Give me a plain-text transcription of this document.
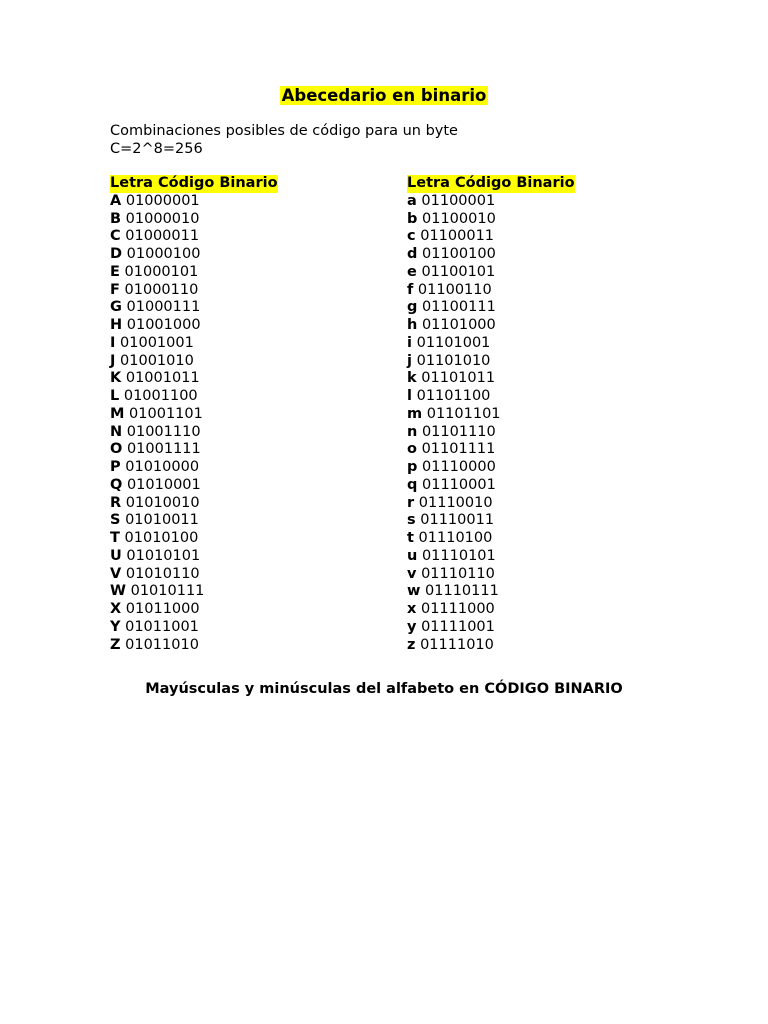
Abecedario en binario
Combinaciones posibles de código para un byte
C=2^8=256
Letra Código Binario
A 01000001
B 01000010
C 01000011
D 01000100
E 01000101
F 01000110
G 01000111
H 01001000
I 01001001
J 01001010
K 01001011
L 01001100
M 01001101
N 01001110
O 01001111
P 01010000
Q 01010001
R 01010010
S 01010011
T 01010100
U 01010101
V 01010110
W 01010111
X 01011000
Y 01011001
Z 01011010
Letra Código Binario
a 01100001
b 01100010
c 01100011
d 01100100
e 01100101
f 01100110
g 01100111
h 01101000
i 01101001
j 01101010
k 01101011
l 01101100
m 01101101
n 01101110
o 01101111
p 01110000
q 01110001
r 01110010
s 01110011
t 01110100
u 01110101
v 01110110
w 01110111
x 01111000
y 01111001
z 01111010
Mayúsculas y minúsculas del alfabeto en CÓDIGO BINARIO
